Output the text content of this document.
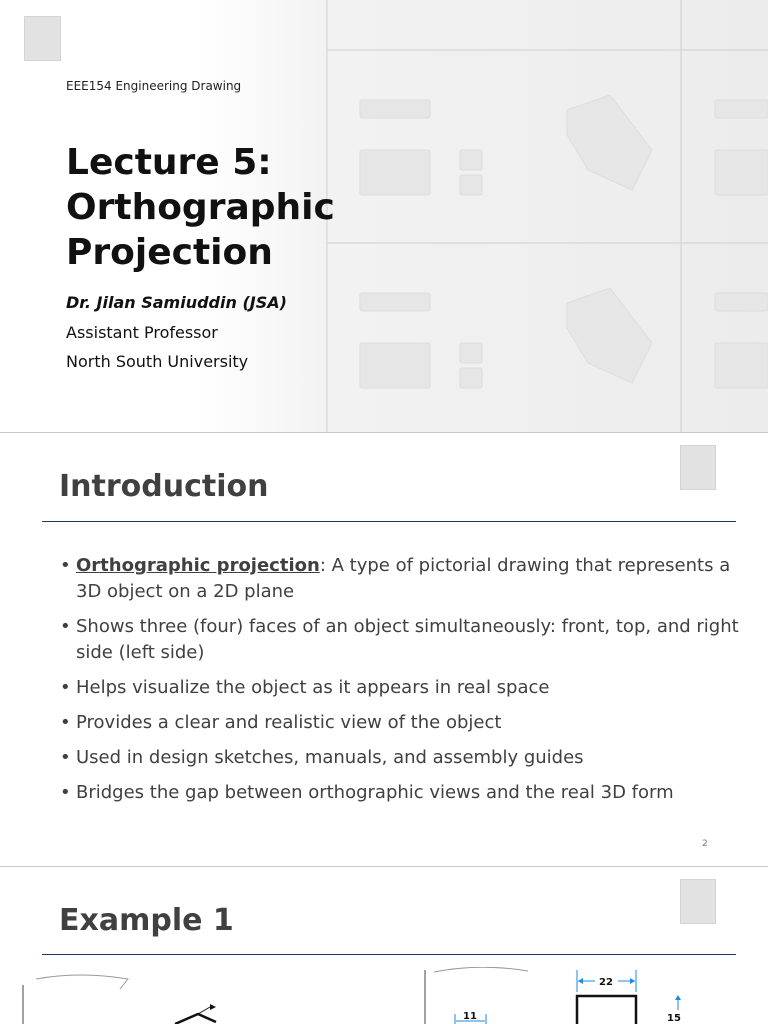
EEE154 Engineering Drawing
Lecture 5:
Orthographic
Projection
Dr. Jilan Samiuddin (JSA)
Assistant Professor
North South University
Introduction
• Orthographic projection: A type of pictorial drawing that represents a 3D object on a 2D plane
• Shows three (four) faces of an object simultaneously: front, top, and right side (left side)
• Helps visualize the object as it appears in real space
• Provides a clear and realistic view of the object
• Used in design sketches, manuals, and assembly guides
• Bridges the gap between orthographic views and the real 3D form
2
Example 1
11
22
15
